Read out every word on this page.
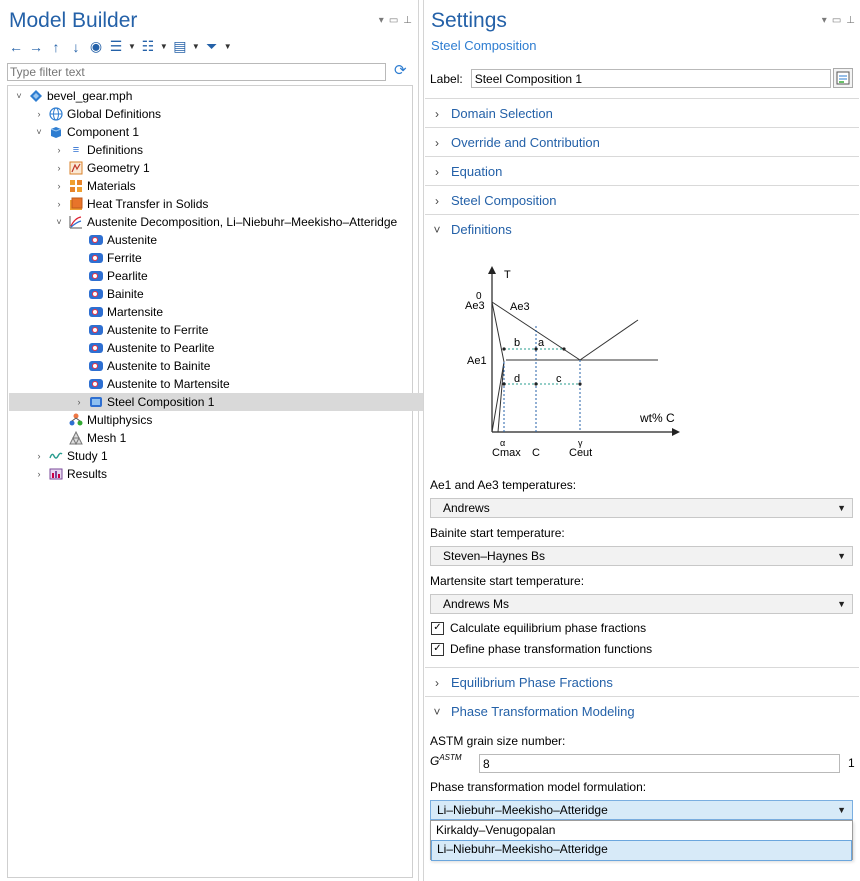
Model Builder	▾ ▭ ⊥
← → ↑ ↓ ◉ ☰ ▼ ☷ ▼ ▤ ▼ ⏷ ▼
Type filter text
⟳
˅ bevel_gear.mph
›	Global Definitions
˅ Component 1
›	≡ Definitions
›	Geometry 1
›	Materials
›	Heat Transfer in Solids
˅ Austenite Decomposition, Li–Niebuhr–Meekisho–Atteridge
Austenite
Ferrite
Pearlite
Bainite
Martensite
Austenite to Ferrite
Austenite to Pearlite
Austenite to Bainite
Austenite to Martensite
›	Steel Composition 1
Multiphysics
Mesh 1
›	Study 1
›	Results
Settings	▾ ▭ ⊥
Steel Composition
Label:	Steel Composition 1
› Domain Selection
› Override and Contribution
› Equation
› Steel Composition
˅ Definitions
T
0
Ae3 Ae3
Ae1
a
b
c
d
wt% C
α
Cmax C
γ
Ceut
Ae1 and Ae3 temperatures:
Andrews	▼
Bainite start temperature:
Steven–Haynes Bs	▼
Martensite start temperature:
Andrews Ms	▼
✓ Calculate equilibrium phase fractions
✓ Define phase transformation functions
› Equilibrium Phase Fractions
˅ Phase Transformation Modeling
ASTM grain size number:
$G^{ASTM}$	8	1
Phase transformation model formulation:
Li–Niebuhr–Meekisho–Atteridge	▼
Kirkaldy–Venugopalan
Li–Niebuhr–Meekisho–Atteridge
